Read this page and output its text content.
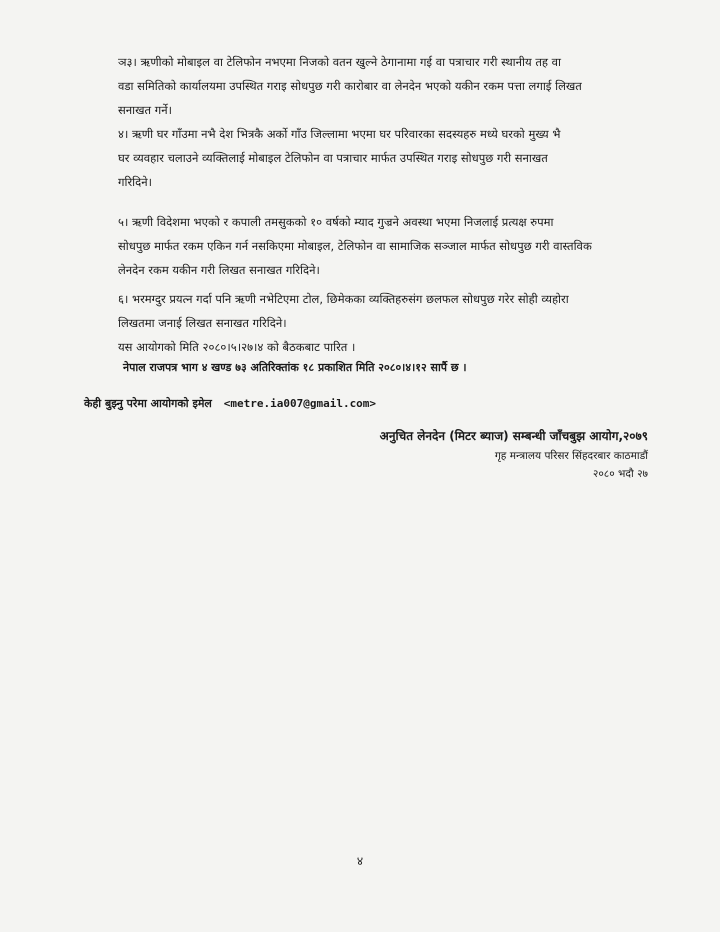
ञ३। ऋणीको मोबाइल वा टेलिफोन नभएमा निजको वतन खुल्ने ठेगानामा गई वा पत्राचार गरी स्थानीय तह वा
वडा समितिको कार्यालयमा उपस्थित गराइ सोधपुछ गरी कारोबार वा लेनदेन भएको यकीन रकम पत्ता लगाई लिखत
सनाखत गर्ने।
४। ऋणी घर गाँउमा नभै देश भित्रकै अर्को गाँउ जिल्लामा भएमा घर परिवारका सदस्यहरु मध्ये घरको मुख्य भै
घर व्यवहार चलाउने व्यक्तिलाई मोबाइल टेलिफोन वा पत्राचार मार्फत उपस्थित गराइ सोधपुछ गरी सनाखत
गरिदिने।
५। ऋणी विदेशमा भएको र कपाली तमसुकको १० वर्षको म्याद गुज्रने अवस्था भएमा निजलाई प्रत्यक्ष रुपमा
सोधपुछ मार्फत रकम एकिन गर्न नसकिएमा मोबाइल, टेलिफोन वा सामाजिक सञ्जाल मार्फत सोधपुछ गरी वास्तविक
लेनदेन रकम यकीन गरी लिखत सनाखत गरिदिने।
६। भरमग्दुर प्रयत्न गर्दा पनि ऋणी नभेटिएमा टोल, छिमेकका व्यक्तिहरुसंग छलफल सोधपुछ गरेर सोही व्यहोरा
लिखतमा जनाई लिखत सनाखत गरिदिने।
यस आयोगको मिति २०८०।५।२७।४ को बैठकबाट पारित ।
नेपाल राजपत्र भाग ४ खण्ड ७३ अतिरिक्तांक १८ प्रकाशित मिति २०८०।४।१२ सार्पै छ ।
केही बुझ्नु परेमा आयोगको इमेल <metre.ia007@gmail.com>
अनुचित लेनदेन (मिटर ब्याज) सम्बन्धी जाँचबुझ आयोग,२०७९
गृह मन्त्रालय परिसर सिंहदरबार काठमाडौं
२०८० भदौ २७
४
